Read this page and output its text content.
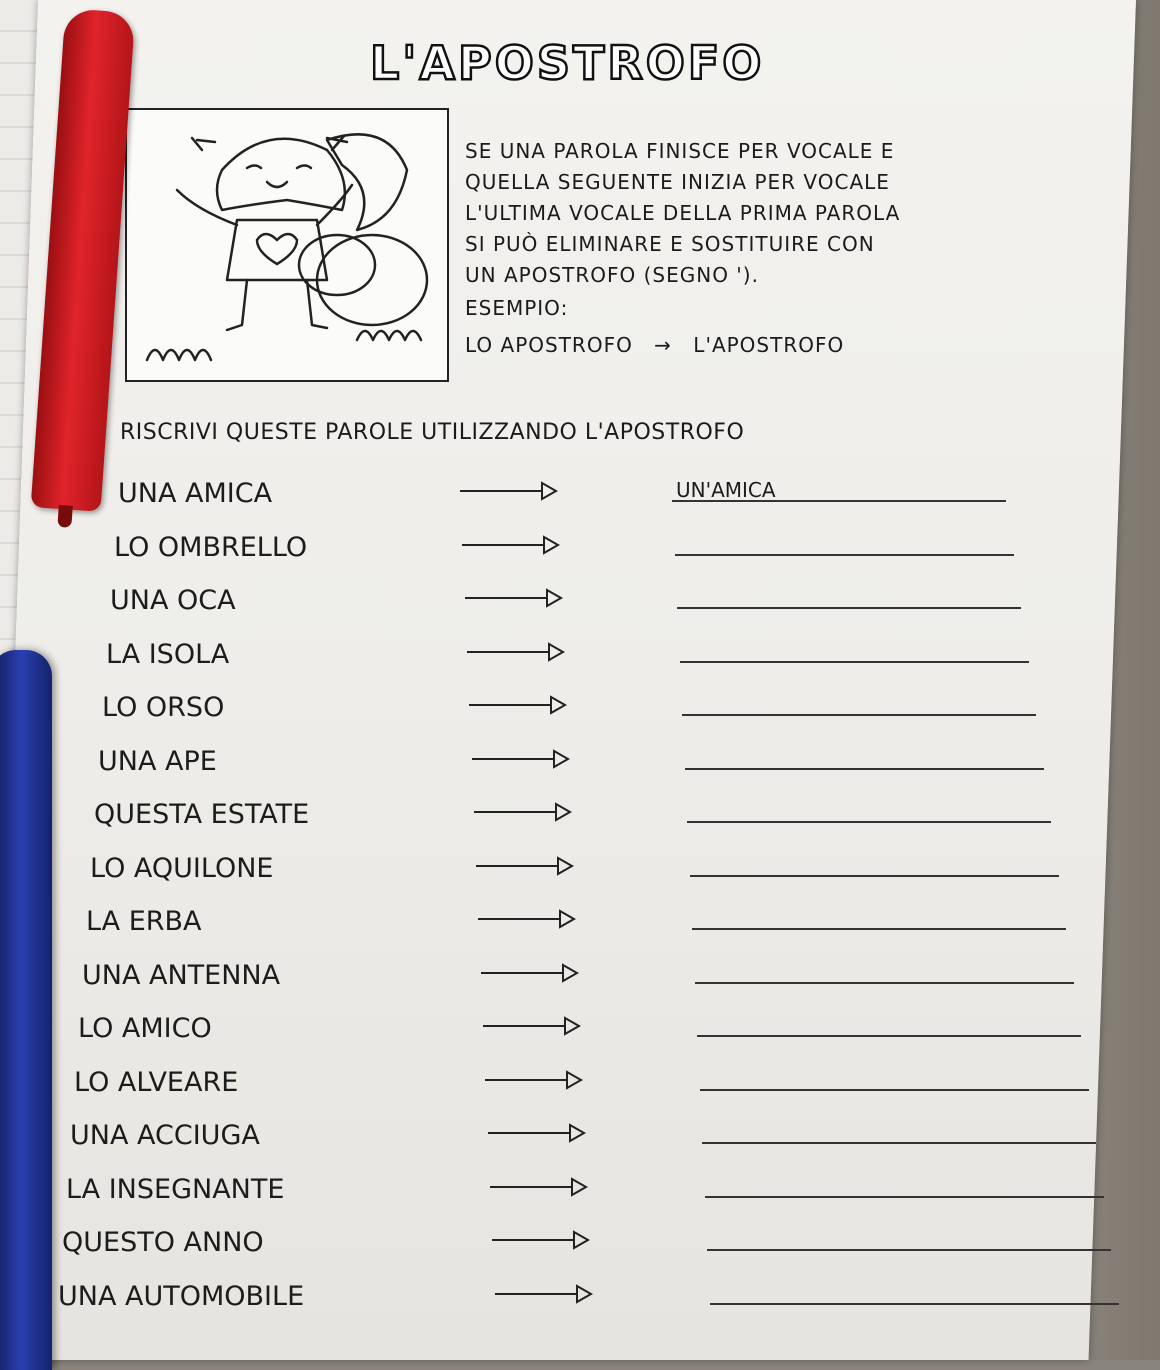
L'APOSTROFO

SE UNA PAROLA FINISCE PER VOCALE E

QUELLA SEGUENTE INIZIA PER VOCALE

L'ULTIMA VOCALE DELLA PRIMA PAROLA

SI PUÒ ELIMINARE E SOSTITUIRE CON

UN APOSTROFO (SEGNO ').

ESEMPIO:
LO APOSTROFO → L'APOSTROFO
RISCRIVI QUESTE PAROLE UTILIZZANDO L'APOSTROFO
UNA AMICA	UN'AMICA
LO OMBRELLO
UNA OCA
LA ISOLA
LO ORSO
UNA APE
QUESTA ESTATE
LO AQUILONE
LA ERBA
UNA ANTENNA
LO AMICO
LO ALVEARE
UNA ACCIUGA
LA INSEGNANTE
QUESTO ANNO
UNA AUTOMOBILE
